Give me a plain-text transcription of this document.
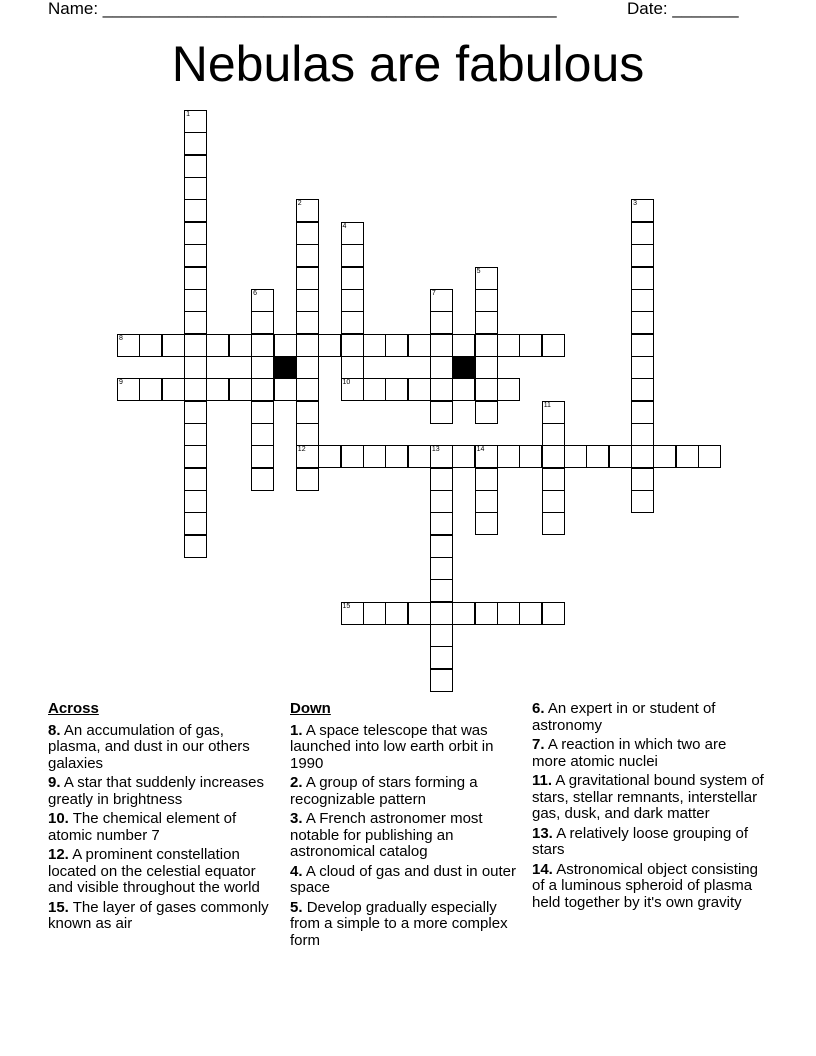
Name: ________________________________________________	Date: _______
Nebulas are fabulous
1
2
12
3
4
5
6	7
8
9	10
11
13	14
15
Across
8. An accumulation of gas, plasma, and dust in our others galaxies
9. A star that suddenly increases greatly in brightness
10. The chemical element of atomic number 7
12. A prominent constellation located on the celestial equator and visible throughout the world
15. The layer of gases commonly known as air
Down
1. A space telescope that was launched into low earth orbit in 1990
2. A group of stars forming a recognizable pattern
3. A French astronomer most notable for publishing an astronomical catalog
4. A cloud of gas and dust in outer space
5. Develop gradually especially from a simple to a more complex form
6. An expert in or student of astronomy
7. A reaction in which two are more atomic nuclei
11. A gravitational bound system of stars, stellar remnants, interstellar gas, dusk, and dark matter
13. A relatively loose grouping of stars
14. Astronomical object consisting of a luminous spheroid of plasma held together by it's own gravity
